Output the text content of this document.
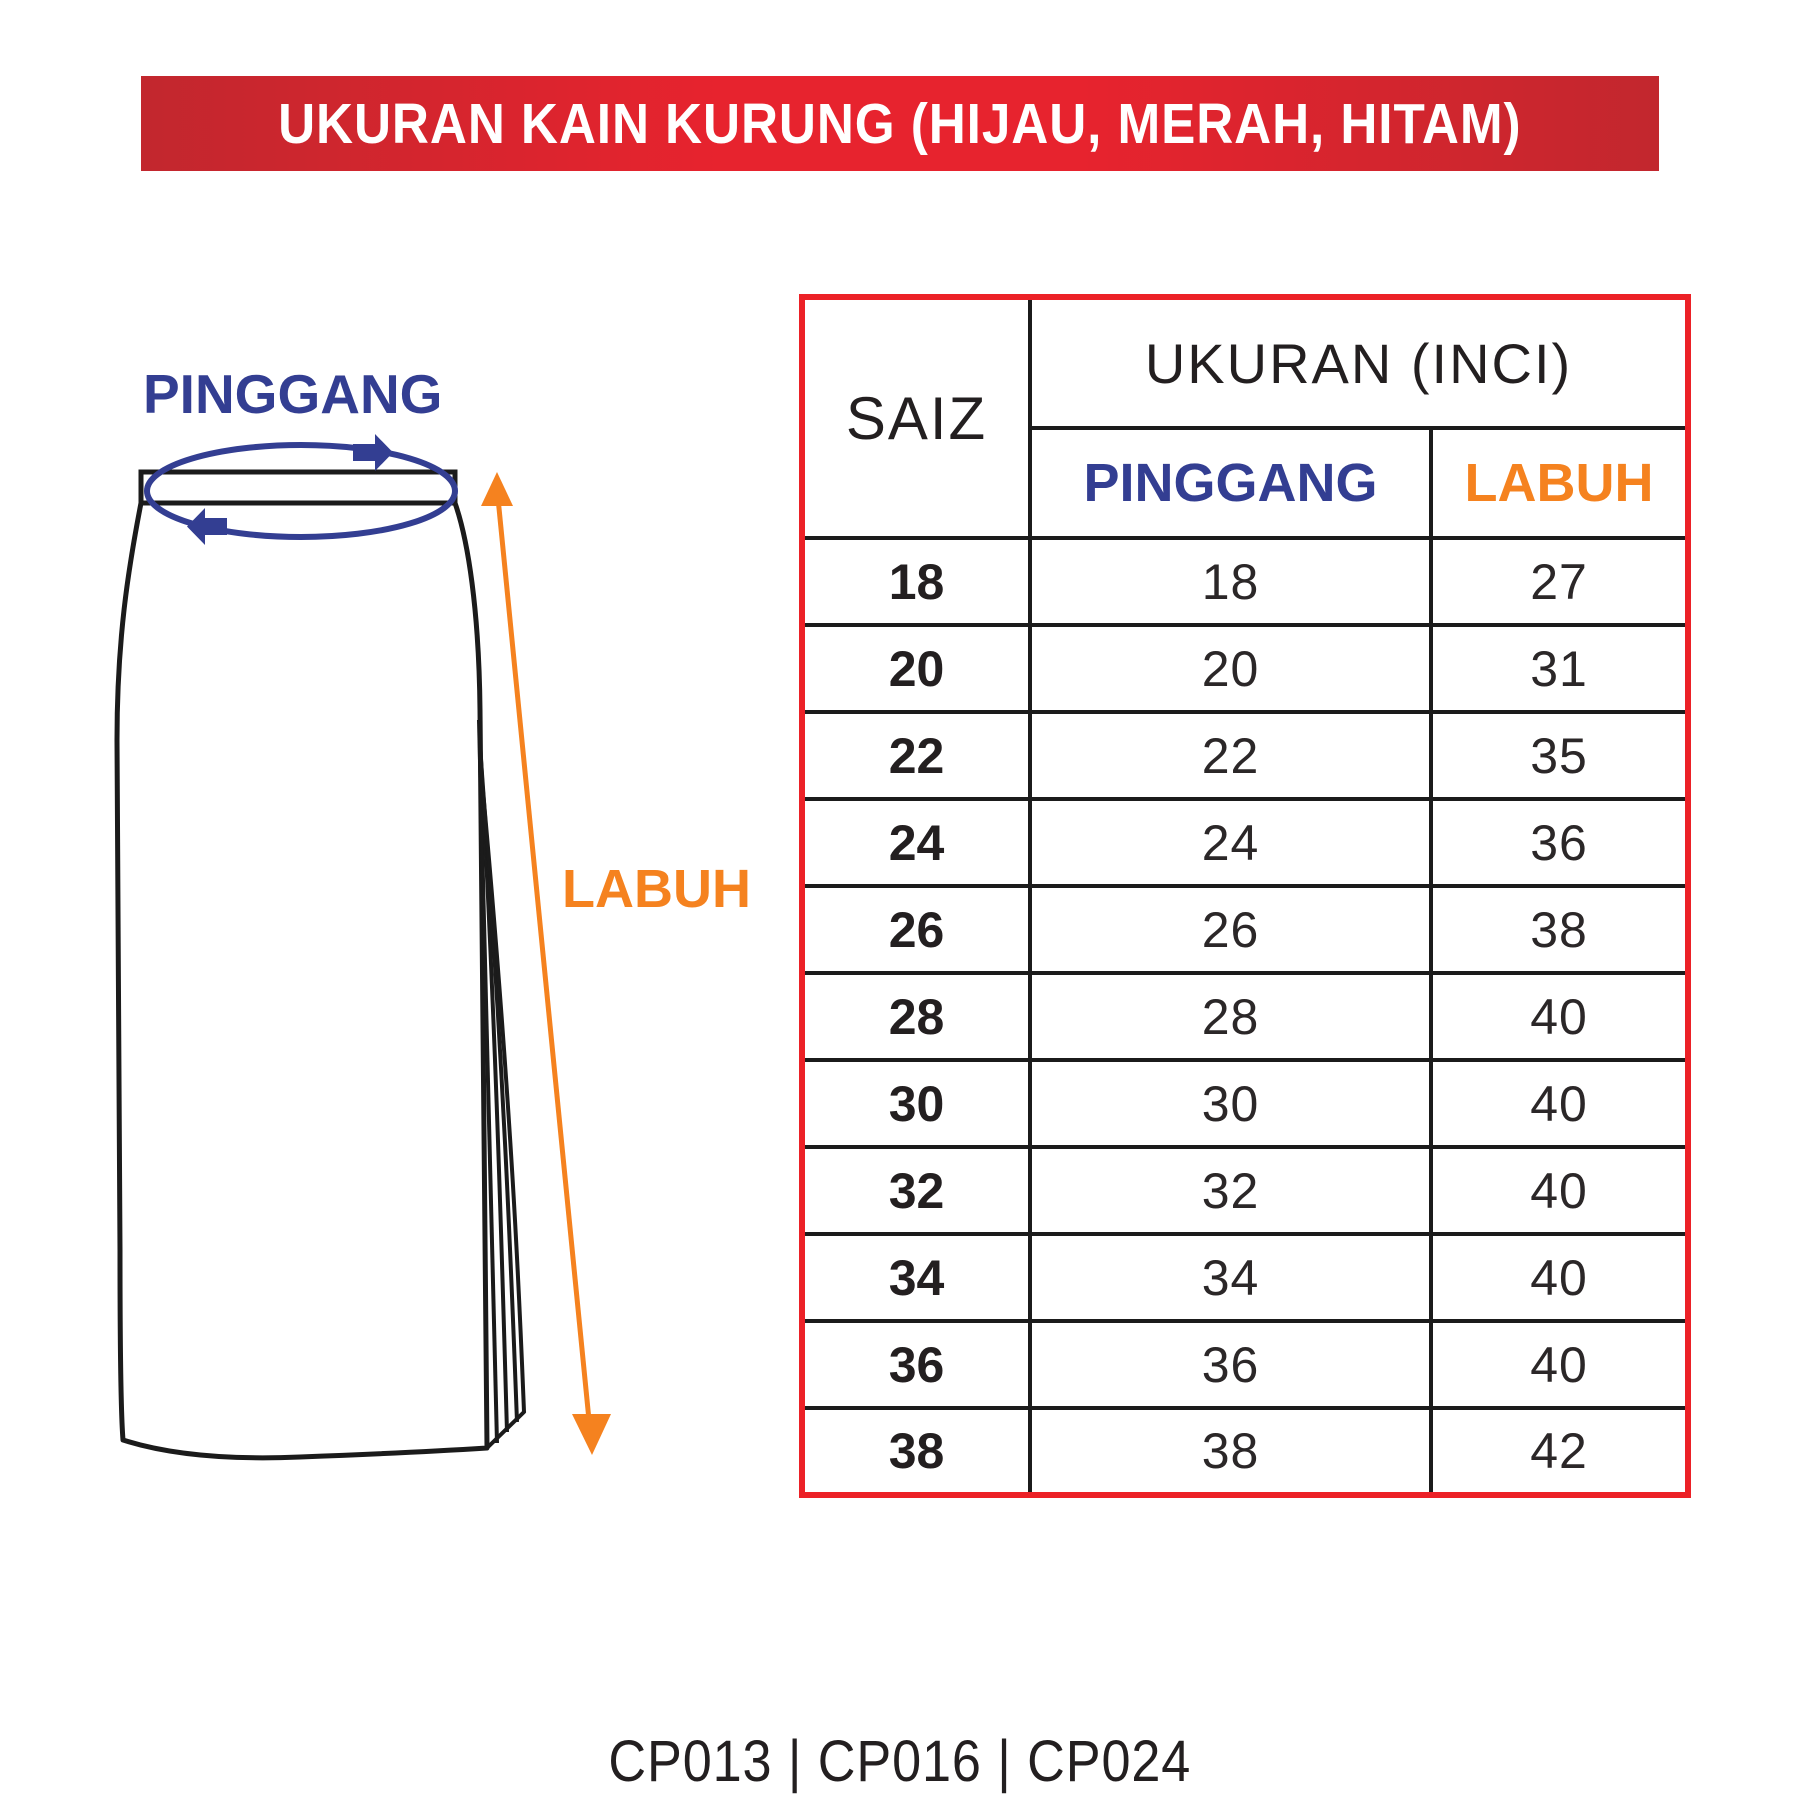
UKURAN KAIN KURUNG (HIJAU, MERAH, HITAM)
PINGGANG
LABUH
SAIZ	UKURAN (INCI)	
	PINGGANG	LABUH
18	18	27
20	20	31
22	22	35
24	24	36
26	26	38
28	28	40
30	30	40
32	32	40
34	34	40
36	36	40
38	38	42
CP013 | CP016 | CP024
